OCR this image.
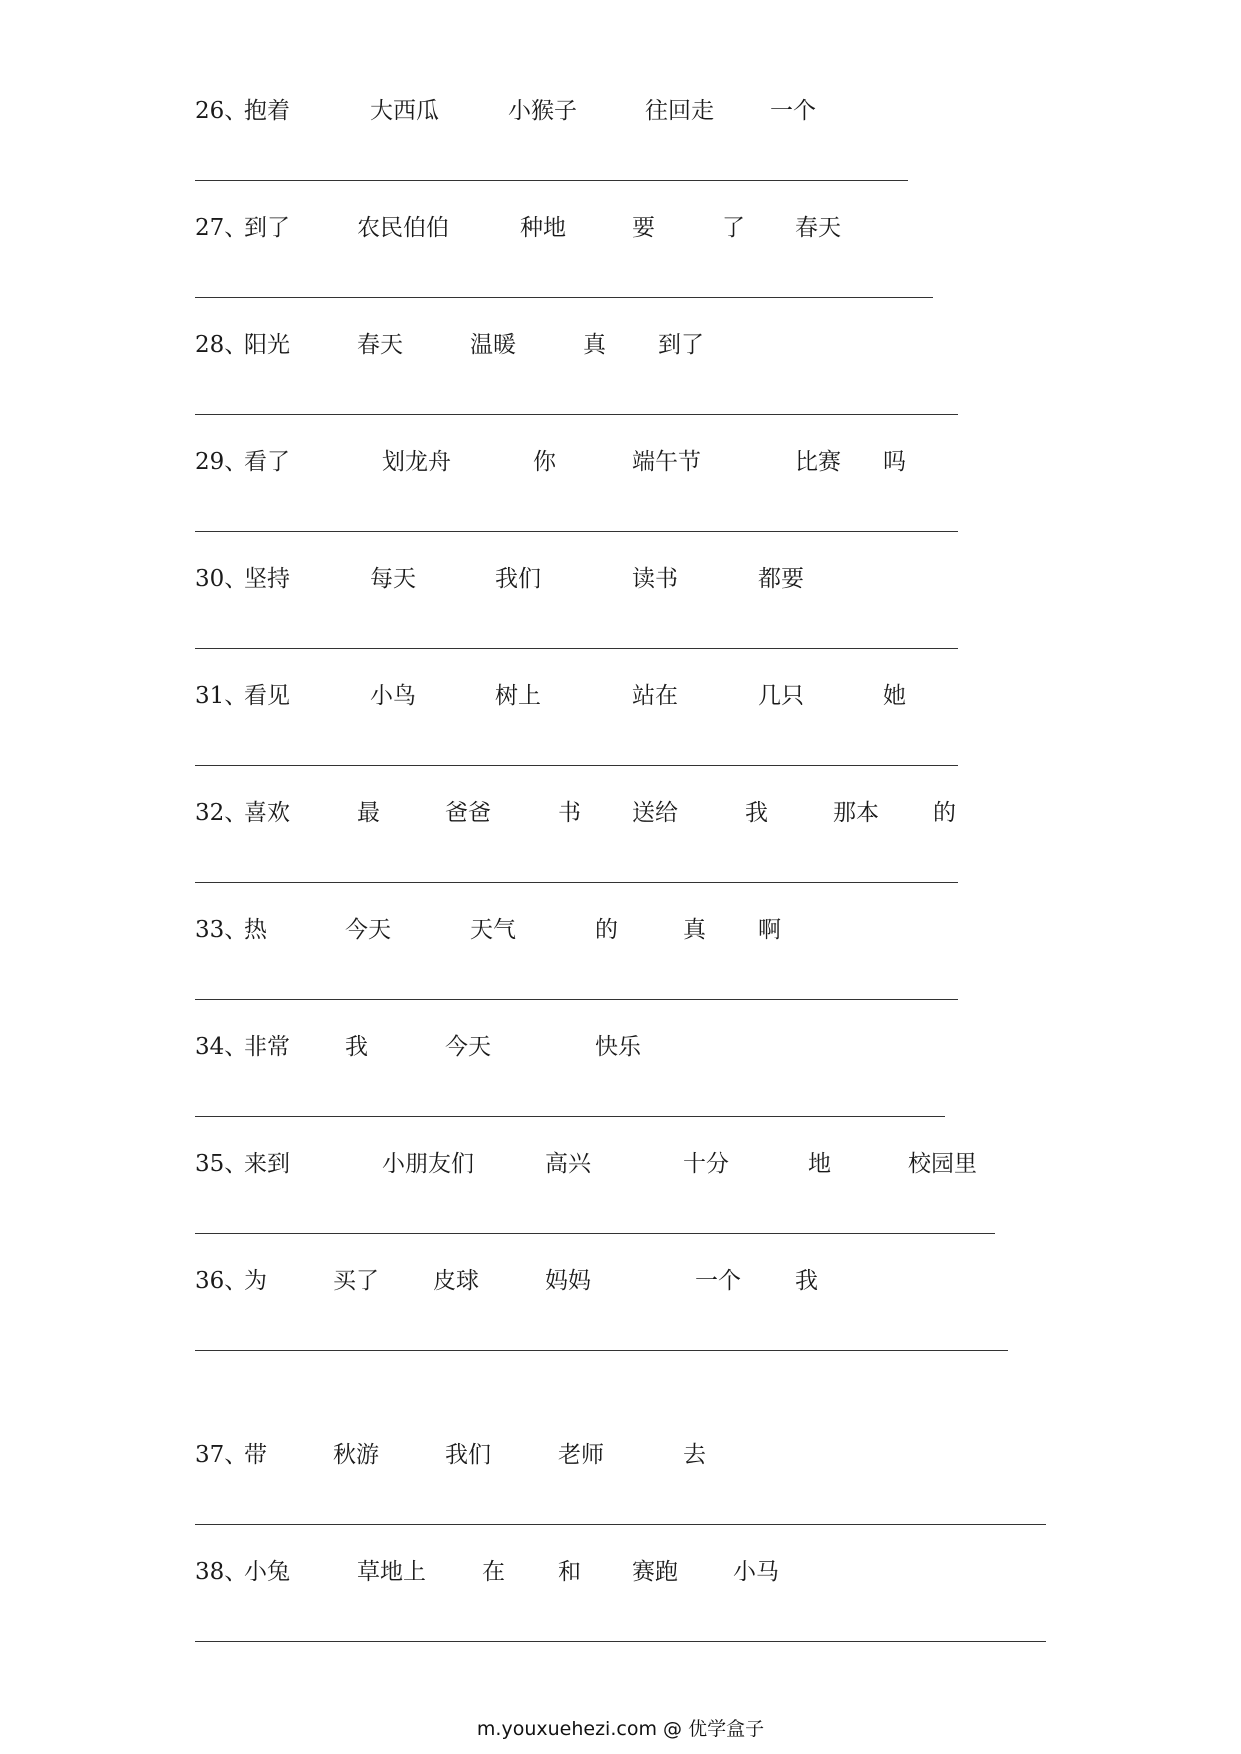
26、
抱着	大西瓜	小猴子	往回走 一个
27、
到了	农民伯伯	种地	要	了 春天
28、
阳光	春天	温暖	真 到了
29、
看了	划龙舟	你	端午节	比赛 吗
30、
坚持	每天	我们	读书	都要
31、
看见	小鸟	树上	站在	几只	她
32、
喜欢	最	爸爸	书 送给	我	那本 的
33、
热	今天	天气	的	真 啊
34、
非常 我	今天	快乐
35、
来到	小朋友们	高兴	十分	地	校园里
36、
为	买了 皮球	妈妈	一个 我
37、
带	秋游	我们	老师	去
38、
小兔	草地上 在 和 赛跑 小马
m.youxuehezi.com @ 优学盒子
